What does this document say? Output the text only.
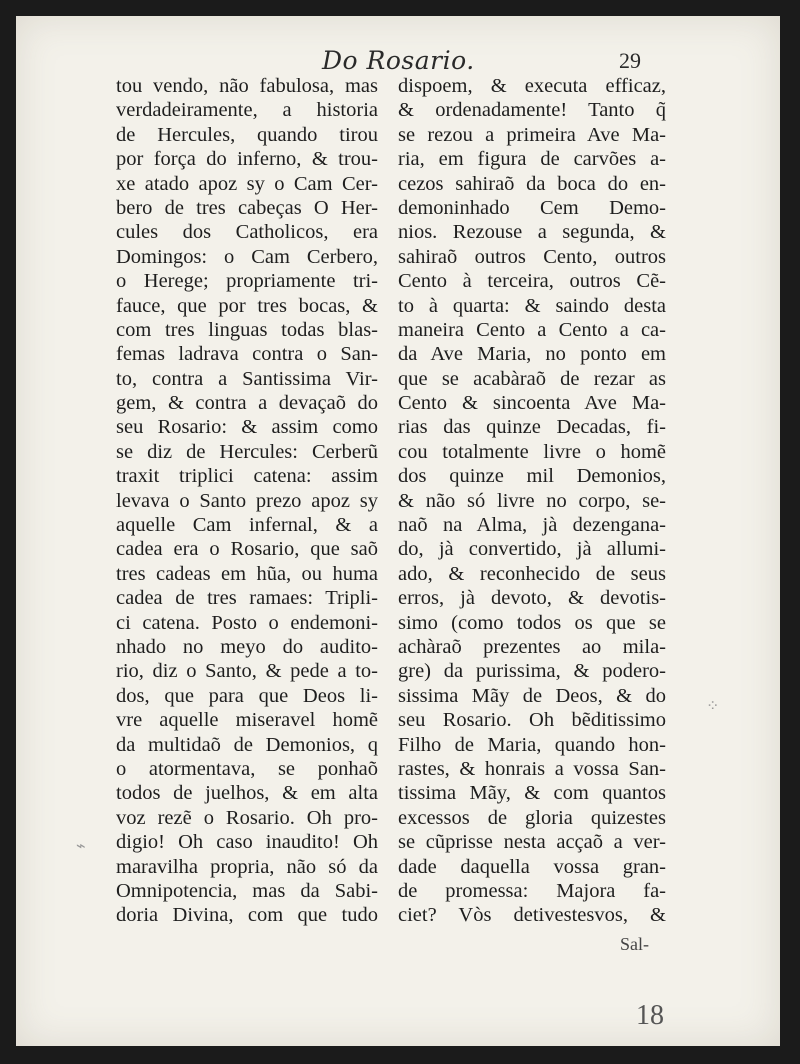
Do Rosario.	29
tou vendo, não fabulosa, mas
verdadeiramente, a historia
de Hercules, quando tirou
por força do inferno, & trou-
xe atado apoz sy o Cam Cer-
bero de tres cabeças O Her-
cules dos Catholicos, era
Domingos: o Cam Cerbero,
o Herege; propriamente tri-
fauce, que por tres bocas, &
com tres linguas todas blas-
femas ladrava contra o San-
to, contra a Santissima Vir-
gem, & contra a devaçaõ do
seu Rosario: & assim como
se diz de Hercules: Cerberũ
traxit triplici catena: assim
levava o Santo prezo apoz sy
aquelle Cam infernal, & a
cadea era o Rosario, que saõ
tres cadeas em hũa, ou huma
cadea de tres ramaes: Tripli-
ci catena. Posto o endemoni-
nhado no meyo do audito-
rio, diz o Santo, & pede a to-
dos, que para que Deos li-
vre aquelle miseravel homẽ
da multidaõ de Demonios, q
o atormentava, se ponhaõ
todos de juelhos, & em alta
voz rezẽ o Rosario. Oh pro-
digio! Oh caso inaudito! Oh
maravilha propria, não só da
Omnipotencia, mas da Sabi-
doria Divina, com que tudo
dispoem, & executa efficaz,
& ordenadamente! Tanto q̃
se rezou a primeira Ave Ma-
ria, em figura de carvões a-
cezos sahiraõ da boca do en-
demoninhado Cem Demo-
nios. Rezouse a segunda, &
sahiraõ outros Cento, outros
Cento à terceira, outros Cẽ-
to à quarta: & saindo desta
maneira Cento a Cento a ca-
da Ave Maria, no ponto em
que se acabàraõ de rezar as
Cento & sincoenta Ave Ma-
rias das quinze Decadas, fi-
cou totalmente livre o homẽ
dos quinze mil Demonios,
& não só livre no corpo, se-
naõ na Alma, jà dezengana-
do, jà convertido, jà allumi-
ado, & reconhecido de seus
erros, jà devoto, & devotis-
simo (como todos os que se
achàraõ prezentes ao mila-
gre) da purissima, & podero-
sissima Mãy de Deos, & do
seu Rosario. Oh bẽditissimo
Filho de Maria, quando hon-
rastes, & honrais a vossa San-
tissima Mãy, & com quantos
excessos de gloria quizestes
se cũprisse nesta acçaõ a ver-
dade daquella vossa gran-
de promessa: Majora fa-
ciet? Vòs detivestesvos, &
Sal-
18
⌁
⁘
